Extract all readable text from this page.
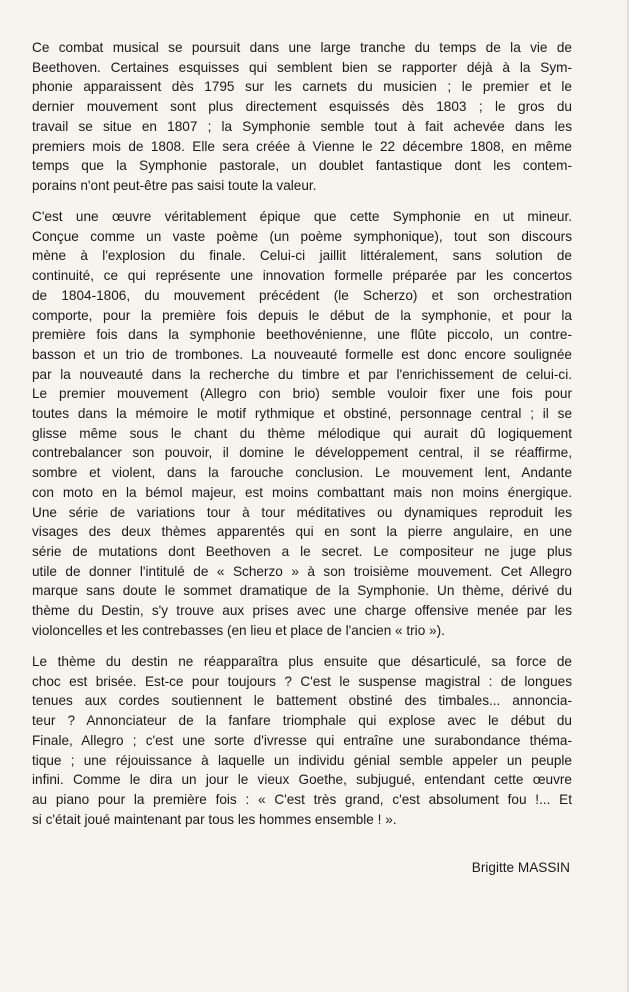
Ce combat musical se poursuit dans une large tranche du temps de la vie de
Beethoven. Certaines esquisses qui semblent bien se rapporter déjà à la Sym-
phonie apparaissent dès 1795 sur les carnets du musicien ; le premier et le
dernier mouvement sont plus directement esquissés dès 1803 ; le gros du
travail se situe en 1807 ; la Symphonie semble tout à fait achevée dans les
premiers mois de 1808. Elle sera créée à Vienne le 22 décembre 1808, en même
temps que la Symphonie pastorale, un doublet fantastique dont les contem-
porains n'ont peut-être pas saisi toute la valeur.

C'est une œuvre véritablement épique que cette Symphonie en ut mineur.
Conçue comme un vaste poème (un poème symphonique), tout son discours
mène à l'explosion du finale. Celui-ci jaillit littéralement, sans solution de
continuité, ce qui représente une innovation formelle préparée par les concertos
de 1804-1806, du mouvement précédent (le Scherzo) et son orchestration
comporte, pour la première fois depuis le début de la symphonie, et pour la
première fois dans la symphonie beethovénienne, une flûte piccolo, un contre-
basson et un trio de trombones. La nouveauté formelle est donc encore soulignée
par la nouveauté dans la recherche du timbre et par l'enrichissement de celui-ci.
Le premier mouvement (Allegro con brio) semble vouloir fixer une fois pour
toutes dans la mémoire le motif rythmique et obstiné, personnage central ; il se
glisse même sous le chant du thème mélodique qui aurait dû logiquement
contrebalancer son pouvoir, il domine le développement central, il se réaffirme,
sombre et violent, dans la farouche conclusion. Le mouvement lent, Andante
con moto en la bémol majeur, est moins combattant mais non moins énergique.
Une série de variations tour à tour méditatives ou dynamiques reproduit les
visages des deux thèmes apparentés qui en sont la pierre angulaire, en une
série de mutations dont Beethoven a le secret. Le compositeur ne juge plus
utile de donner l'intitulé de « Scherzo » à son troisième mouvement. Cet Allegro
marque sans doute le sommet dramatique de la Symphonie. Un thème, dérivé du
thème du Destin, s'y trouve aux prises avec une charge offensive menée par les
violoncelles et les contrebasses (en lieu et place de l'ancien « trio »).

Le thème du destin ne réapparaîtra plus ensuite que désarticulé, sa force de
choc est brisée. Est-ce pour toujours ? C'est le suspense magistral : de longues
tenues aux cordes soutiennent le battement obstiné des timbales... annoncia-
teur ? Annonciateur de la fanfare triomphale qui explose avec le début du
Finale, Allegro ; c'est une sorte d'ivresse qui entraîne une surabondance théma-
tique ; une réjouissance à laquelle un individu génial semble appeler un peuple
infini. Comme le dira un jour le vieux Goethe, subjugué, entendant cette œuvre
au piano pour la première fois : « C'est très grand, c'est absolument fou !... Et
si c'était joué maintenant par tous les hommes ensemble ! ».

Brigitte MASSIN
